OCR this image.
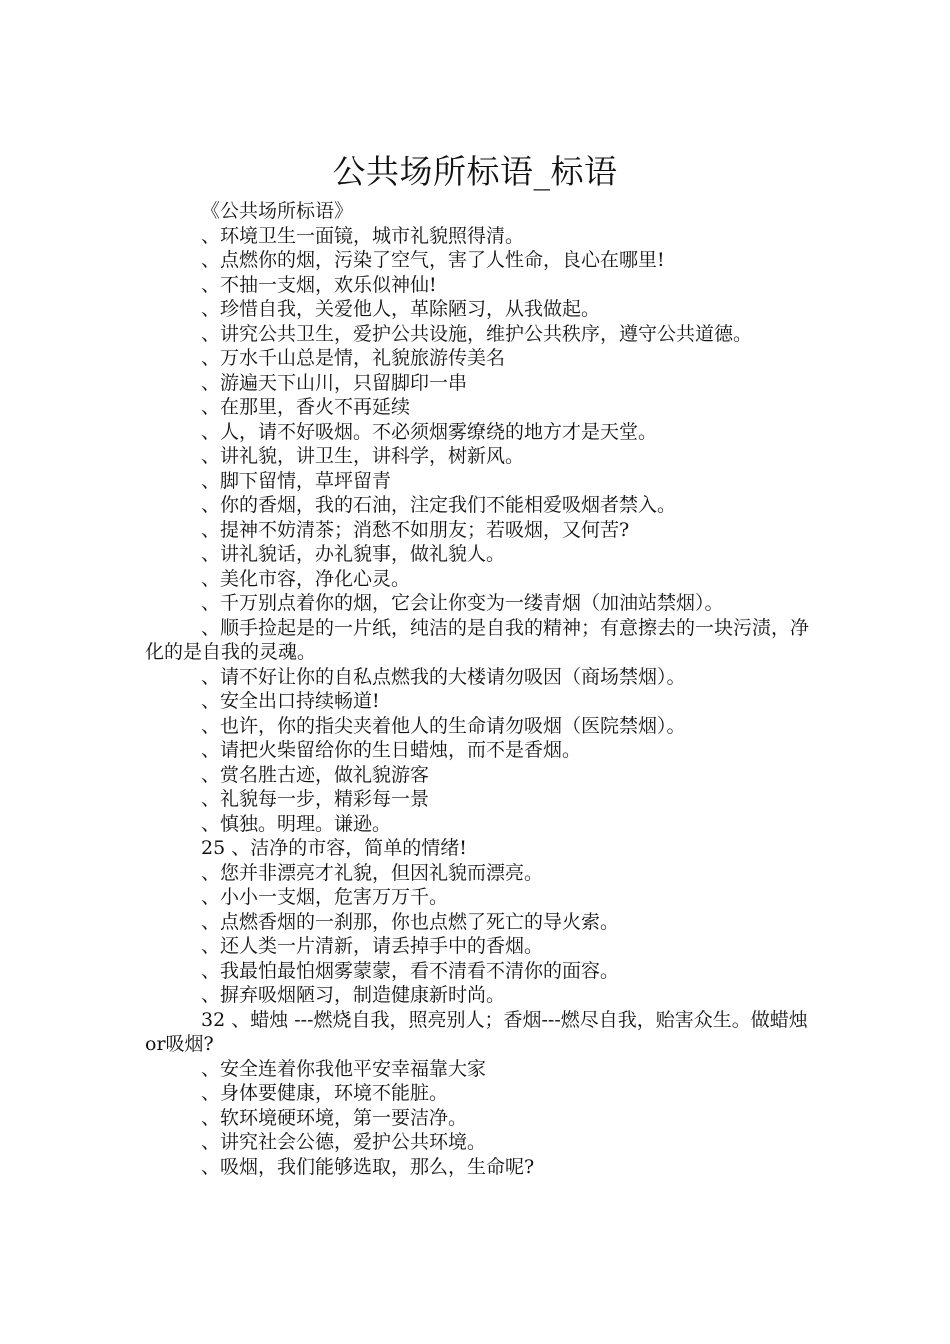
公共场所标语_标语

《公共场所标语》

、环境卫生一面镜，城市礼貌照得清。

、点燃你的烟，污染了空气，害了人性命，良心在哪里!

、不抽一支烟，欢乐似神仙!

、珍惜自我，关爱他人，革除陋习，从我做起。

、讲究公共卫生，爱护公共设施，维护公共秩序，遵守公共道德。

、万水千山总是情，礼貌旅游传美名

、游遍天下山川，只留脚印一串

、在那里，香火不再延续

、人，请不好吸烟。不必须烟雾缭绕的地方才是天堂。

、讲礼貌，讲卫生，讲科学，树新风。

、脚下留情，草坪留青

、你的香烟，我的石油，注定我们不能相爱吸烟者禁入。

、提神不妨清茶；消愁不如朋友；若吸烟，又何苦?

、讲礼貌话，办礼貌事，做礼貌人。

、美化市容，净化心灵。

、千万别点着你的烟，它会让你变为一缕青烟（加油站禁烟）。

、顺手捡起是的一片纸，纯洁的是自我的精神；有意擦去的一块污渍，净化的是自我的灵魂。

、请不好让你的自私点燃我的大楼请勿吸因（商场禁烟）。

、安全出口持续畅道!

、也许，你的指尖夹着他人的生命请勿吸烟（医院禁烟）。

、请把火柴留给你的生日蜡烛，而不是香烟。

、赏名胜古迹，做礼貌游客

、礼貌每一步，精彩每一景

、慎独。明理。谦逊。

25 、洁净的市容，简单的情绪!

、您并非漂亮才礼貌，但因礼貌而漂亮。

、小小一支烟，危害万万千。

、点燃香烟的一刹那，你也点燃了死亡的导火索。

、还人类一片清新，请丢掉手中的香烟。

、我最怕最怕烟雾蒙蒙，看不清看不清你的面容。

、摒弃吸烟陋习，制造健康新时尚。

32 、蜡烛 ---燃烧自我，照亮别人；香烟---燃尽自我，贻害众生。做蜡烛or吸烟?

、安全连着你我他平安幸福靠大家

、身体要健康，环境不能脏。

、软环境硬环境，第一要洁净。

、讲究社会公德，爱护公共环境。

、吸烟，我们能够选取，那么，生命呢?
